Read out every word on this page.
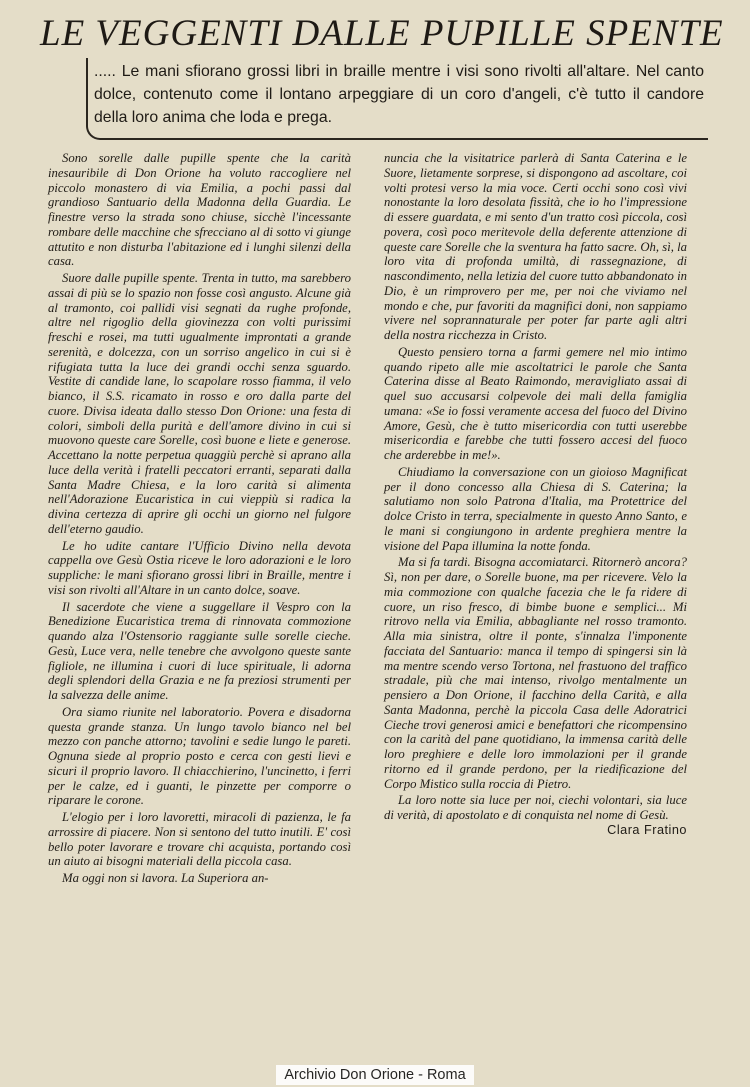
LE VEGGENTI DALLE PUPILLE SPENTE
..... Le mani sfiorano grossi libri in braille mentre i visi sono rivolti all'altare. Nel canto dolce, contenuto come il lontano arpeggiare di un coro d'angeli, c'è tutto il candore della loro anima che loda e prega.

Sono sorelle dalle pupille spente che la carità inesauribile di Don Orione ha voluto raccogliere nel piccolo monastero di via Emilia, a pochi passi dal grandioso Santuario della Madonna della Guardia. Le finestre verso la strada sono chiuse, sicchè l'incessante rombare delle macchine che sfrecciano al di sotto vi giunge attutito e non disturba l'abitazione ed i lunghi silenzi della casa.

Suore dalle pupille spente. Trenta in tutto, ma sarebbero assai di più se lo spazio non fosse così angusto. Alcune già al tramonto, coi pallidi visi segnati da rughe profonde, altre nel rigoglio della giovinezza con volti purissimi freschi e rosei, ma tutti ugualmente improntati a grande serenità, e dolcezza, con un sorriso angelico in cui si è rifugiata tutta la luce dei grandi occhi senza sguardo. Vestite di candide lane, lo scapolare rosso fiamma, il velo bianco, il S.S. ricamato in rosso e oro dalla parte del cuore. Divisa ideata dallo stesso Don Orione: una festa di colori, simboli della purità e dell'amore divino in cui si muovono queste care Sorelle, così buone e liete e generose. Accettano la notte perpetua quaggiù perchè si aprano alla luce della verità i fratelli peccatori erranti, separati dalla Santa Madre Chiesa, e la loro carità si alimenta nell'Adorazione Eucaristica in cui vieppiù si radica la divina certezza di aprire gli occhi un giorno nel fulgore dell'eterno gaudio.

Le ho udite cantare l'Ufficio Divino nella devota cappella ove Gesù Ostia riceve le loro adorazioni e le loro suppliche: le mani sfiorano grossi libri in Braille, mentre i visi son rivolti all'Altare in un canto dolce, soave.

Il sacerdote che viene a suggellare il Vespro con la Benedizione Eucaristica trema di rinnovata commozione quando alza l'Ostensorio raggiante sulle sorelle cieche. Gesù, Luce vera, nelle tenebre che avvolgono queste sante figliole, ne illumina i cuori di luce spirituale, li adorna degli splendori della Grazia e ne fa preziosi strumenti per la salvezza delle anime.

Ora siamo riunite nel laboratorio. Povera e disadorna questa grande stanza. Un lungo tavolo bianco nel bel mezzo con panche attorno; tavolini e sedie lungo le pareti. Ognuna siede al proprio posto e cerca con gesti lievi e sicuri il proprio lavoro. Il chiacchierino, l'uncinetto, i ferri per le calze, ed i guanti, le pinzette per comporre o riparare le corone.

L'elogio per i loro lavoretti, miracoli di pazienza, le fa arrossire di piacere. Non si sentono del tutto inutili. E' così bello poter lavorare e trovare chi acquista, portando così un aiuto ai bisogni materiali della piccola casa.

Ma oggi non si lavora. La Superiora an-

nuncia che la visitatrice parlerà di Santa Caterina e le Suore, lietamente sorprese, si dispongono ad ascoltare, coi volti protesi verso la mia voce. Certi occhi sono così vivi nonostante la loro desolata fissità, che io ho l'impressione di essere guardata, e mi sento d'un tratto così piccola, così povera, così poco meritevole della deferente attenzione di queste care Sorelle che la sventura ha fatto sacre. Oh, sì, la loro vita di profonda umiltà, di rassegnazione, di nascondimento, nella letizia del cuore tutto abbandonato in Dio, è un rimprovero per me, per noi che viviamo nel mondo e che, pur favoriti da magnifici doni, non sappiamo vivere nel soprannaturale per poter far parte agli altri della nostra ricchezza in Cristo.

Questo pensiero torna a farmi gemere nel mio intimo quando ripeto alle mie ascoltatrici le parole che Santa Caterina disse al Beato Raimondo, meravigliato assai di quel suo accusarsi colpevole dei mali della famiglia umana: «Se io fossi veramente accesa del fuoco del Divino Amore, Gesù, che è tutto misericordia con tutti userebbe misericordia e farebbe che tutti fossero accesi del fuoco che arderebbe in me!».

Chiudiamo la conversazione con un gioioso Magnificat per il dono concesso alla Chiesa di S. Caterina; la salutiamo non solo Patrona d'Italia, ma Protettrice del dolce Cristo in terra, specialmente in questo Anno Santo, e le mani si congiungono in ardente preghiera mentre la visione del Papa illumina la notte fonda.

Ma si fa tardi. Bisogna accomiatarci. Ritornerò ancora? Sì, non per dare, o Sorelle buone, ma per ricevere. Velo la mia commozione con qualche facezia che le fa ridere di cuore, un riso fresco, di bimbe buone e semplici... Mi ritrovo nella via Emilia, abbagliante nel rosso tramonto. Alla mia sinistra, oltre il ponte, s'innalza l'imponente facciata del Santuario: manca il tempo di spingersi sin là ma mentre scendo verso Tortona, nel frastuono del traffico stradale, più che mai intenso, rivolgo mentalmente un pensiero a Don Orione, il facchino della Carità, e alla Santa Madonna, perchè la piccola Casa delle Adoratrici Cieche trovi generosi amici e benefattori che ricompensino con la carità del pane quotidiano, la immensa carità delle loro preghiere e delle loro immolazioni per il grande ritorno ed il grande perdono, per la riedificazione del Corpo Mistico sulla roccia di Pietro.

La loro notte sia luce per noi, ciechi volontari, sia luce di verità, di apostolato e di conquista nel nome di Gesù.
Clara Fratino

Archivio Don Orione - Roma
